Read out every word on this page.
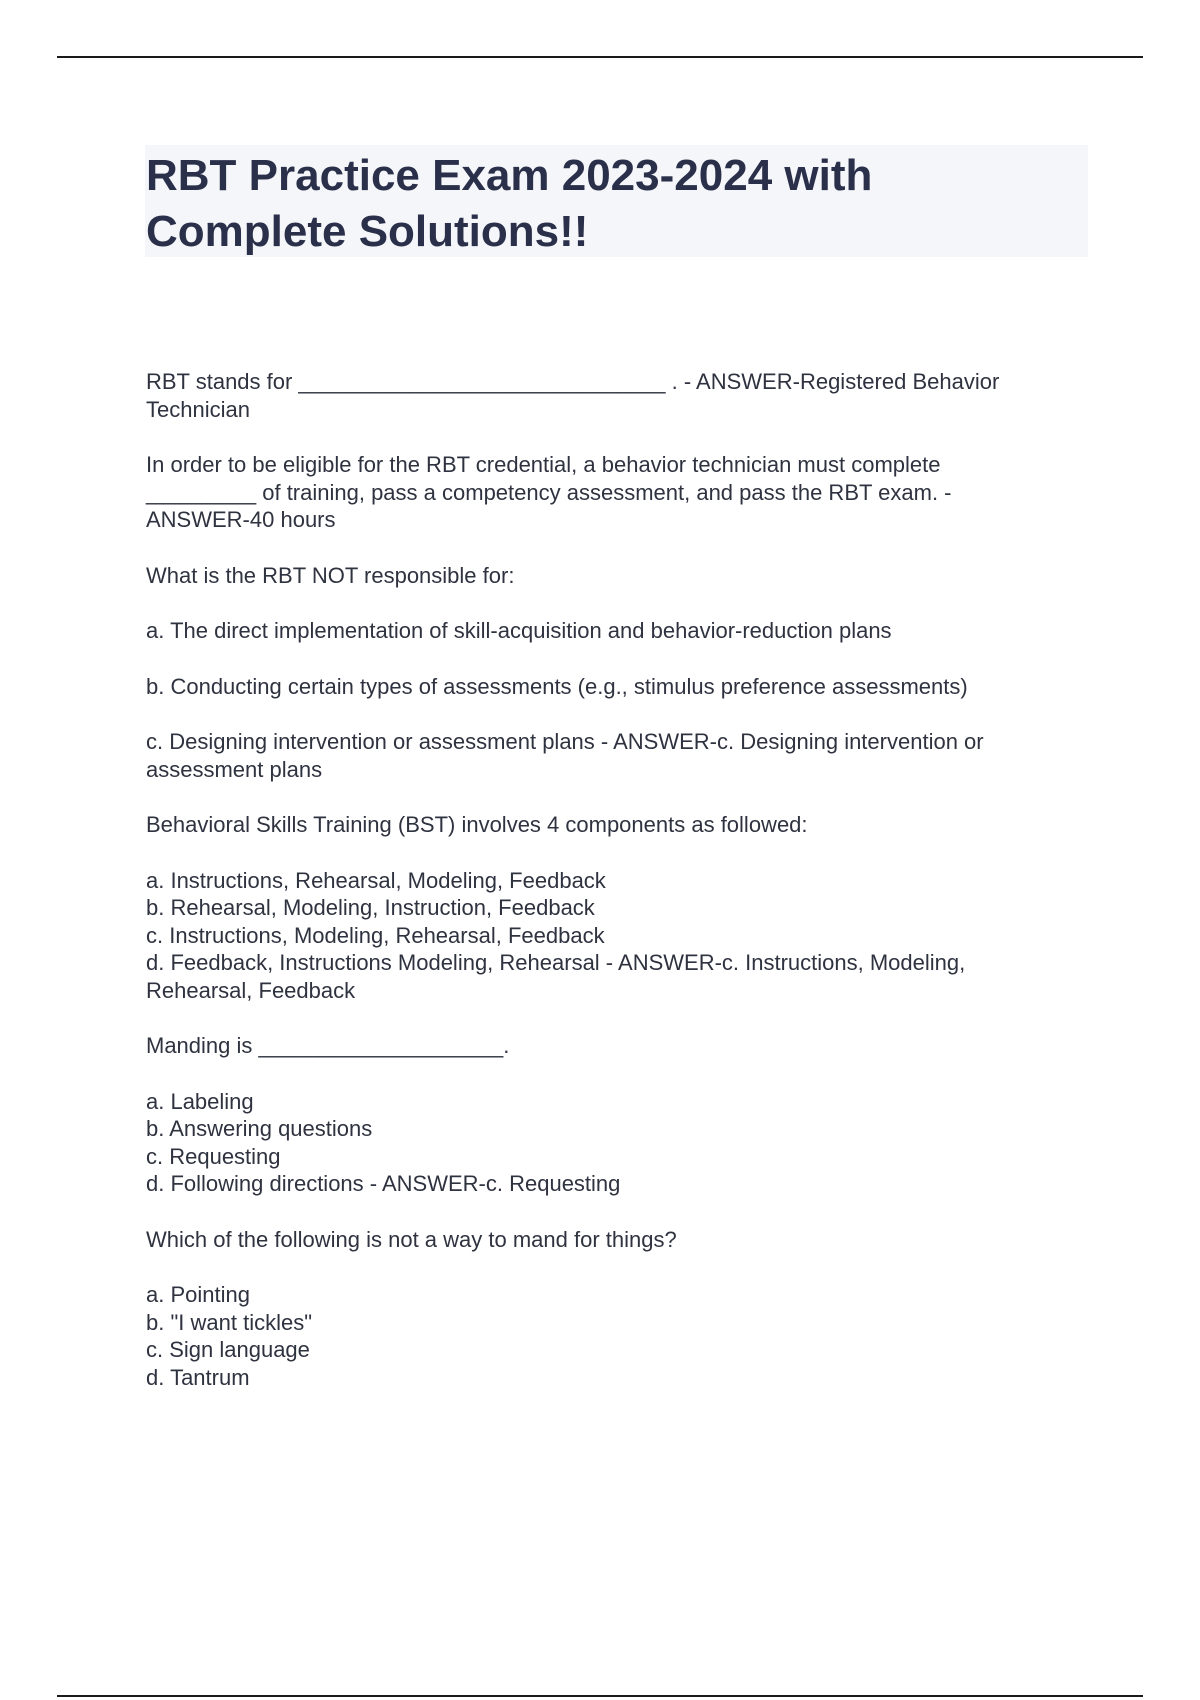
RBT Practice Exam 2023-2024 with
Complete Solutions!!

RBT stands for ______________________________ . - ANSWER-Registered Behavior
Technician

In order to be eligible for the RBT credential, a behavior technician must complete
_________ of training, pass a competency assessment, and pass the RBT exam. -
ANSWER-40 hours

What is the RBT NOT responsible for:

a. The direct implementation of skill-acquisition and behavior-reduction plans

b. Conducting certain types of assessments (e.g., stimulus preference assessments)

c. Designing intervention or assessment plans - ANSWER-c. Designing intervention or
assessment plans

Behavioral Skills Training (BST) involves 4 components as followed:

a. Instructions, Rehearsal, Modeling, Feedback
b. Rehearsal, Modeling, Instruction, Feedback
c. Instructions, Modeling, Rehearsal, Feedback
d. Feedback, Instructions Modeling, Rehearsal - ANSWER-c. Instructions, Modeling,
Rehearsal, Feedback

Manding is ____________________.

a. Labeling
b. Answering questions
c. Requesting
d. Following directions - ANSWER-c. Requesting

Which of the following is not a way to mand for things?

a. Pointing
b. "I want tickles"
c. Sign language
d. Tantrum
